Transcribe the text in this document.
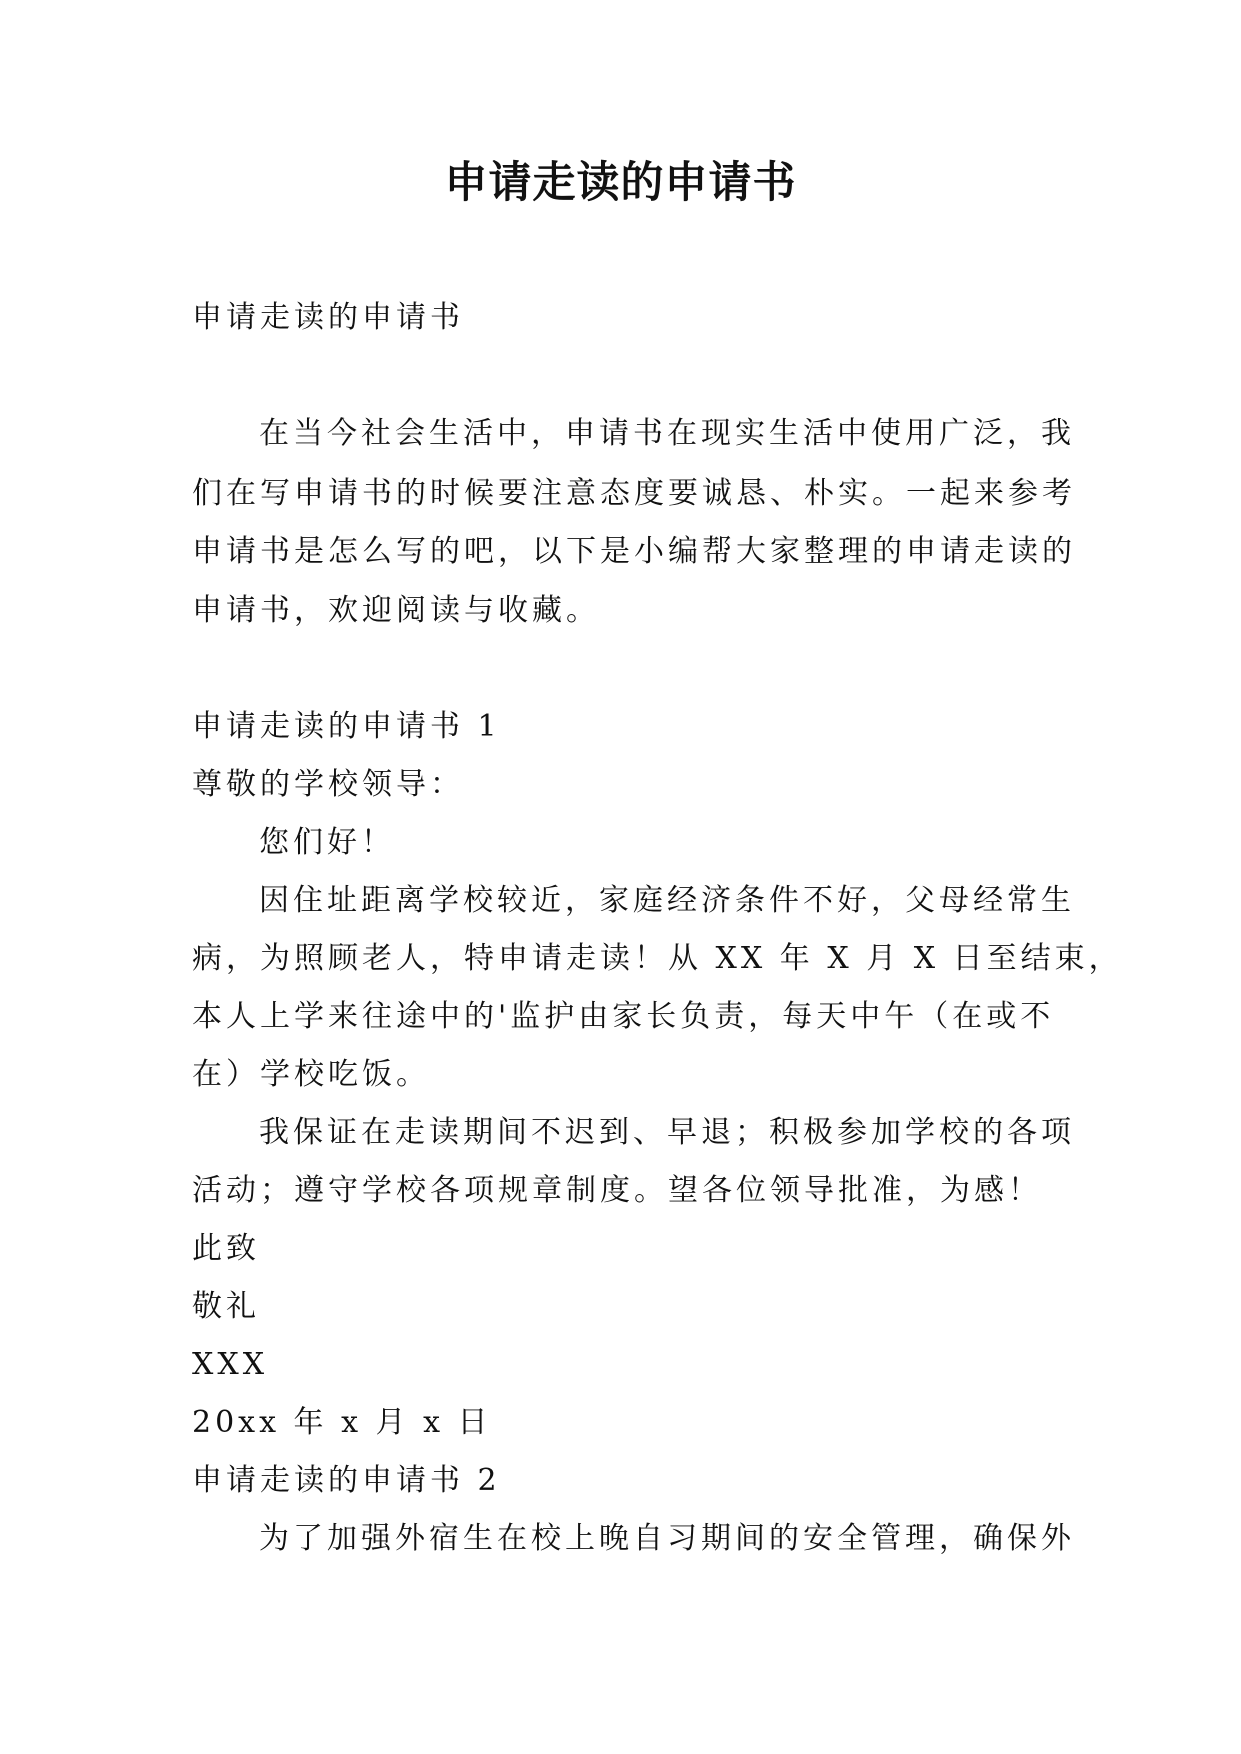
申请走读的申请书

申请走读的申请书

在当今社会生活中，申请书在现实生活中使用广泛，我

们在写申请书的时候要注意态度要诚恳、朴实。一起来参考

申请书是怎么写的吧，以下是小编帮大家整理的申请走读的

申请书，欢迎阅读与收藏。

申请走读的申请书 1

尊敬的学校领导：

您们好！

因住址距离学校较近，家庭经济条件不好，父母经常生

病，为照顾老人，特申请走读！从 XX 年 X 月 X 日至结束，

本人上学来往途中的'监护由家长负责，每天中午（在或不

在）学校吃饭。

我保证在走读期间不迟到、早退；积极参加学校的各项

活动；遵守学校各项规章制度。望各位领导批准，为感！

此致

敬礼

XXX

20xx 年 x 月 x 日

申请走读的申请书 2

为了加强外宿生在校上晚自习期间的安全管理，确保外
